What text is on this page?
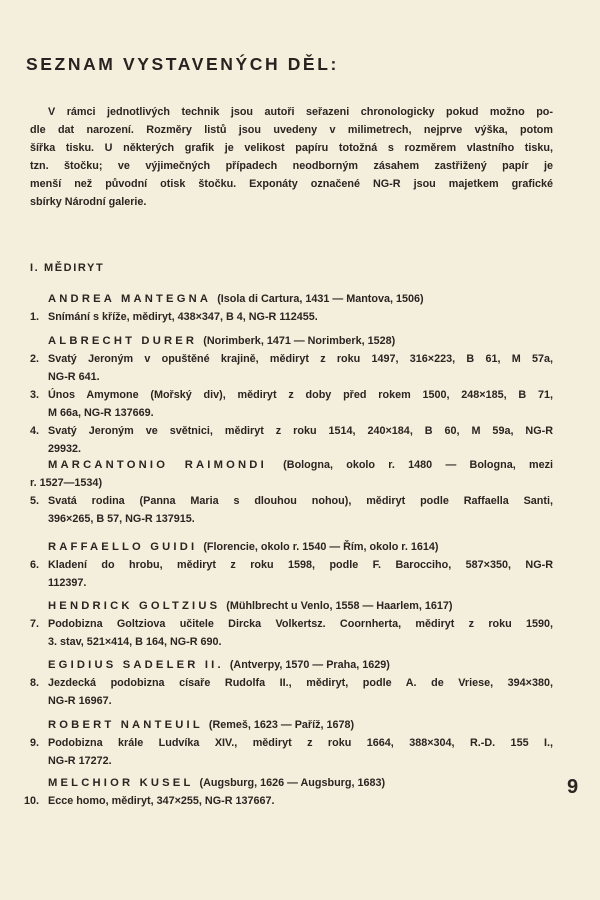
SEZNAM VYSTAVENÝCH DĚL:
V rámci jednotlivých technik jsou autoři seřazeni chronologicky pokud možno po-
dle dat narození. Rozměry listů jsou uvedeny v milimetrech, nejprve výška, potom
šířka tisku. U některých grafik je velikost papíru totožná s rozměrem vlastního tisku,
tzn. štočku; ve výjimečných případech neodborným zásahem zastřižený papír je
menší než původní otisk štočku. Exponáty označené NG-R jsou majetkem grafické
sbírky Národní galerie.
I. MĚDIRYT
ANDREA MANTEGNA (Isola di Cartura, 1431 — Mantova, 1506)
1. Snímání s kříže, mědiryt, 438×347, B 4, NG-R 112455.
ALBRECHT DURER (Norimberk, 1471 — Norimberk, 1528)
2. Svatý Jeroným v opuštěné krajině, mědiryt z roku 1497, 316×223, B 61, M 57a,
NG-R 641.
3. Únos Amymone (Mořský div), mědiryt z doby před rokem 1500, 248×185, B 71,
M 66a, NG-R 137669.
4. Svatý Jeroným ve světnici, mědiryt z roku 1514, 240×184, B 60, M 59a, NG-R
29932.
MARCANTONIO RAIMONDI (Bologna, okolo r. 1480 — Bologna, mezi
r. 1527—1534)
5. Svatá rodina (Panna Maria s dlouhou nohou), mědiryt podle Raffaella Santi,
396×265, B 57, NG-R 137915.
RAFFAELLO GUIDI (Florencie, okolo r. 1540 — Řím, okolo r. 1614)
6. Kladení do hrobu, mědiryt z roku 1598, podle F. Barocciho, 587×350, NG-R
112397.
HENDRICK GOLTZIUS (Mühlbrecht u Venlo, 1558 — Haarlem, 1617)
7. Podobizna Goltziova učitele Dircka Volkertsz. Coornherta, mědiryt z roku 1590,
3. stav, 521×414, B 164, NG-R 690.
EGIDIUS SADELER II. (Antverpy, 1570 — Praha, 1629)
8. Jezdecká podobizna císaře Rudolfa II., mědiryt, podle A. de Vriese, 394×380,
NG-R 16967.
ROBERT NANTEUIL (Remeš, 1623 — Paříž, 1678)
9. Podobizna krále Ludvíka XIV., mědiryt z roku 1664, 388×304, R.-D. 155 I.,
NG-R 17272.
MELCHIOR KUSEL (Augsburg, 1626 — Augsburg, 1683)
10. Ecce homo, mědiryt, 347×255, NG-R 137667.
9
